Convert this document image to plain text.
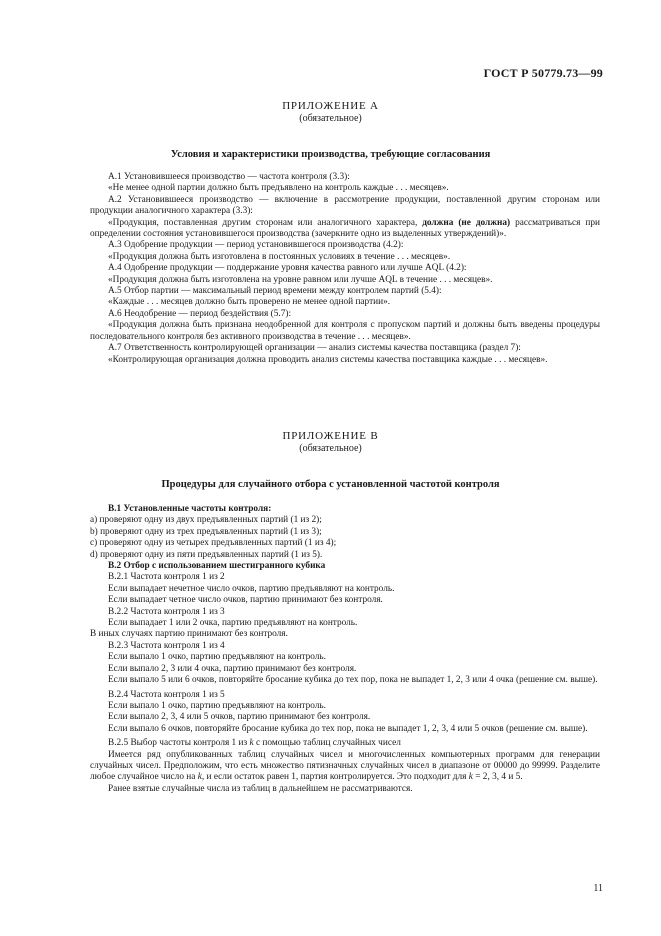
ГОСТ Р 50779.73—99
ПРИЛОЖЕНИЕ А
(обязательное)
Условия и характеристики производства, требующие согласования

А.1 Установившееся производство — частота контроля (3.3):

«Не менее одной партии должно быть предъявлено на контроль каждые . . . месяцев».

А.2 Установившееся производство — включение в рассмотрение продукции, поставленной другим сторонам или продукции аналогичного характера (3.3):

«Продукция, поставленная другим сторонам или аналогичного характера, должна (не должна) рассматриваться при определении состояния установившегося производства (зачеркните одно из выделенных утверждений)».

А.3 Одобрение продукции — период установившегося производства (4.2):

«Продукция должна быть изготовлена в постоянных условиях в течение . . . месяцев».

А.4 Одобрение продукции — поддержание уровня качества равного или лучше AQL (4.2):

«Продукция должна быть изготовлена на уровне равном или лучше AQL в течение . . . месяцев».

А.5 Отбор партии — максимальный период времени между контролем партий (5.4):

«Каждые . . . месяцев должно быть проверено не менее одной партии».

А.6 Неодобрение — период бездействия (5.7):

«Продукция должна быть признана неодобренной для контроля с пропуском партий и должны быть введены процедуры последовательного контроля без активного производства в течение . . . месяцев».

А.7 Ответственность контролирующей организации — анализ системы качества поставщика (раздел 7):

«Контролирующая организация должна проводить анализ системы качества поставщика каждые . . . месяцев».

ПРИЛОЖЕНИЕ В
(обязательное)
Процедуры для случайного отбора с установленной частотой контроля

В.1 Установленные частоты контроля:

а) проверяют одну из двух предъявленных партий (1 из 2);

b) проверяют одну из трех предъявленных партий (1 из 3);

c) проверяют одну из четырех предъявленных партий (1 из 4);

d) проверяют одну из пяти предъявленных партий (1 из 5).

В.2 Отбор с использованием шестигранного кубика

В.2.1 Частота контроля 1 из 2

Если выпадает нечетное число очков, партию предъявляют на контроль.

Если выпадает четное число очков, партию принимают без контроля.

В.2.2 Частота контроля 1 из 3

Если выпадает 1 или 2 очка, партию предъявляют на контроль.

В иных случаях партию принимают без контроля.

В.2.3 Частота контроля 1 из 4

Если выпало 1 очко, партию предъявляют на контроль.

Если выпало 2, 3 или 4 очка, партию принимают без контроля.

Если выпало 5 или 6 очков, повторяйте бросание кубика до тех пор, пока не выпадет 1, 2, 3 или 4 очка (решение см. выше).

В.2.4 Частота контроля 1 из 5

Если выпало 1 очко, партию предъявляют на контроль.

Если выпало 2, 3, 4 или 5 очков, партию принимают без контроля.

Если выпало 6 очков, повторяйте бросание кубика до тех пор, пока не выпадет 1, 2, 3, 4 или 5 очков (решение см. выше).

В.2.5 Выбор частоты контроля 1 из k с помощью таблиц случайных чисел

Имеется ряд опубликованных таблиц случайных чисел и многочисленных компьютерных программ для генерации случайных чисел. Предположим, что есть множество пятизначных случайных чисел в диапазоне от 00000 до 99999. Разделите любое случайное число на k, и если остаток равен 1, партия контролируется. Это подходит для k = 2, 3, 4 и 5.

Ранее взятые случайные числа из таблиц в дальнейшем не рассматриваются.

11
